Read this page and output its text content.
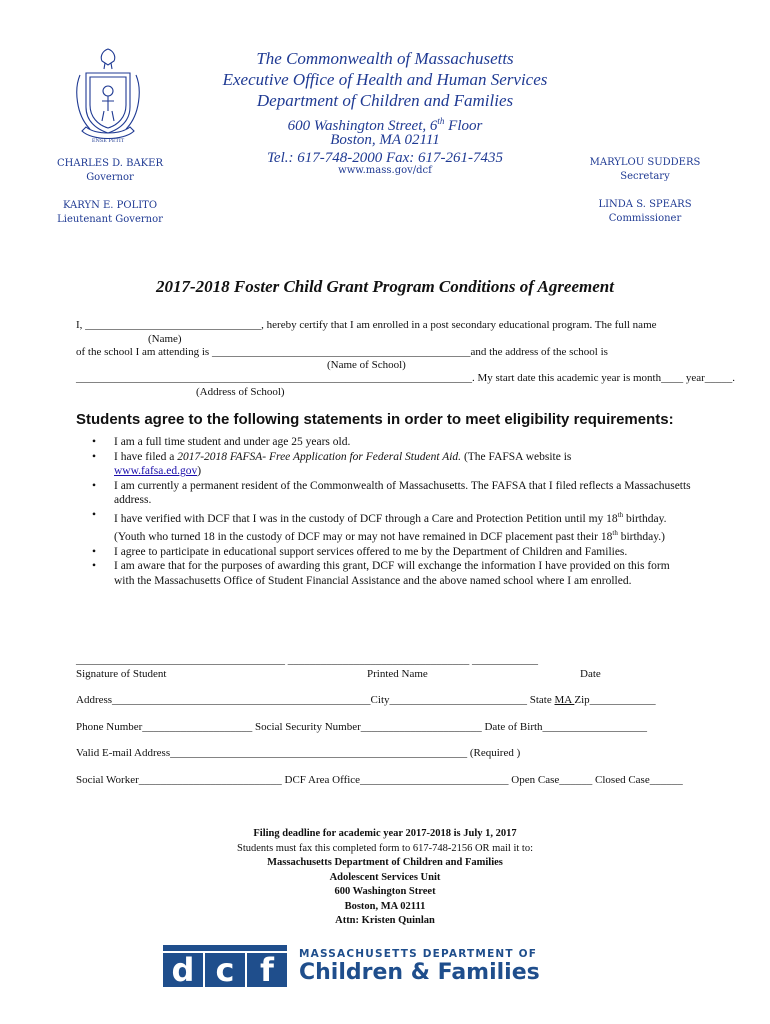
ENSE PETIT
The Commonwealth of Massachusetts
Executive Office of Health and Human Services
Department of Children and Families
600 Washington Street, 6th Floor
Boston, MA 02111
Tel.: 617-748-2000 Fax: 617-261-7435
www.mass.gov/dcf
CHARLES D. BAKER
Governor
KARYN E. POLITO
Lieutenant Governor
MARYLOU SUDDERS
Secretary
LINDA S. SPEARS
Commissioner
2017-2018 Foster Child Grant Program Conditions of Agreement
I, ________________________________, hereby certify that I am enrolled in a post secondary educational program. The full name
(Name)
of the school I am attending is _______________________________________________and the address of the school is
(Name of School)
________________________________________________________________________. My start date this academic year is month____ year_____.
(Address of School)
Students agree to the following statements in order to meet eligibility requirements:
• I am a full time student and under age 25 years old.
• I have filed a 2017-2018 FAFSA- Free Application for Federal Student Aid. (The FAFSA website is
www.fafsa.ed.gov)
• I am currently a permanent resident of the Commonwealth of Massachusetts. The FAFSA that I filed reflects a Massachusetts address.
• I have verified with DCF that I was in the custody of DCF through a Care and Protection Petition until my 18th birthday. (Youth who turned 18 in the custody of DCF may or may not have remained in DCF placement past their 18th birthday.)
• I agree to participate in educational support services offered to me by the Department of Children and Families.
• I am aware that for the purposes of awarding this grant, DCF will exchange the information I have provided on this form with the Massachusetts Office of Student Financial Assistance and the above named school where I am enrolled.
______________________________________ _________________________________ ____________
Signature of Student	Printed Name	Date
Address_______________________________________________City_________________________ State MA Zip____________
Phone Number____________________ Social Security Number______________________ Date of Birth___________________
Valid E-mail Address______________________________________________________ (Required )
Social Worker__________________________ DCF Area Office___________________________ Open Case______ Closed Case______
Filing deadline for academic year 2017-2018 is July 1, 2017
Students must fax this completed form to 617-748-2156 OR mail it to:
Massachusetts Department of Children and Families
Adolescent Services Unit
600 Washington Street
Boston, MA 02111
Attn: Kristen Quinlan
d c f	MASSACHUSETTS DEPARTMENT OF
Children & Families
